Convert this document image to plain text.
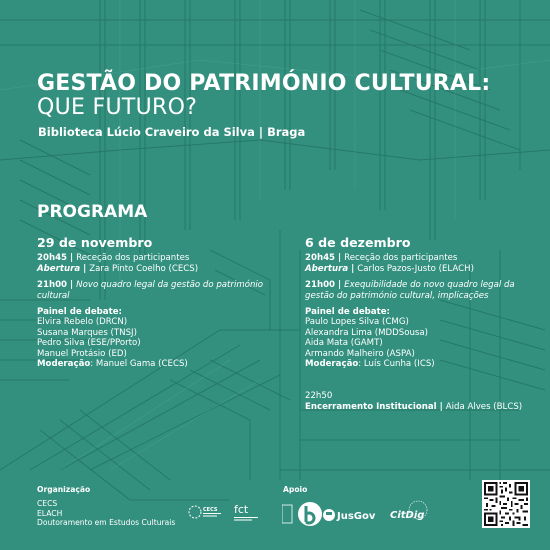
GESTÃO DO PATRIMÓNIO CULTURAL:
QUE FUTURO?
Biblioteca Lúcio Craveiro da Silva | Braga
PROGRAMA
29 de novembro
20h45 | Receção dos participantes
Abertura | Zara Pinto Coelho (CECS)
21h00 | Novo quadro legal da gestão do património cultural
Painel de debate:
Elvira Rebelo (DRCN)
Susana Marques (TNSJ)
Pedro Silva (ESE/PPorto)
Manuel Protásio (ED)
Moderação: Manuel Gama (CECS)
6 de dezembro
20h45 | Receção dos participantes
Abertura | Carlos Pazos-Justo (ELACH)
21h00 | Exequibilidade do novo quadro legal da gestão do património cultural, implicações
Painel de debate:
Paulo Lopes Silva (CMG)
Alexandra Lima (MDDSousa)
Aida Mata (GAMT)
Armando Malheiro (ASPA)
Moderação: Luís Cunha (ICS)
22h50
Encerramento Institucional | Aida Alves (BLCS)
Organização
CECS
ELACH
Doutoramento em Estudos Culturais
CECS fct
Apoio
JusGov CitDig
